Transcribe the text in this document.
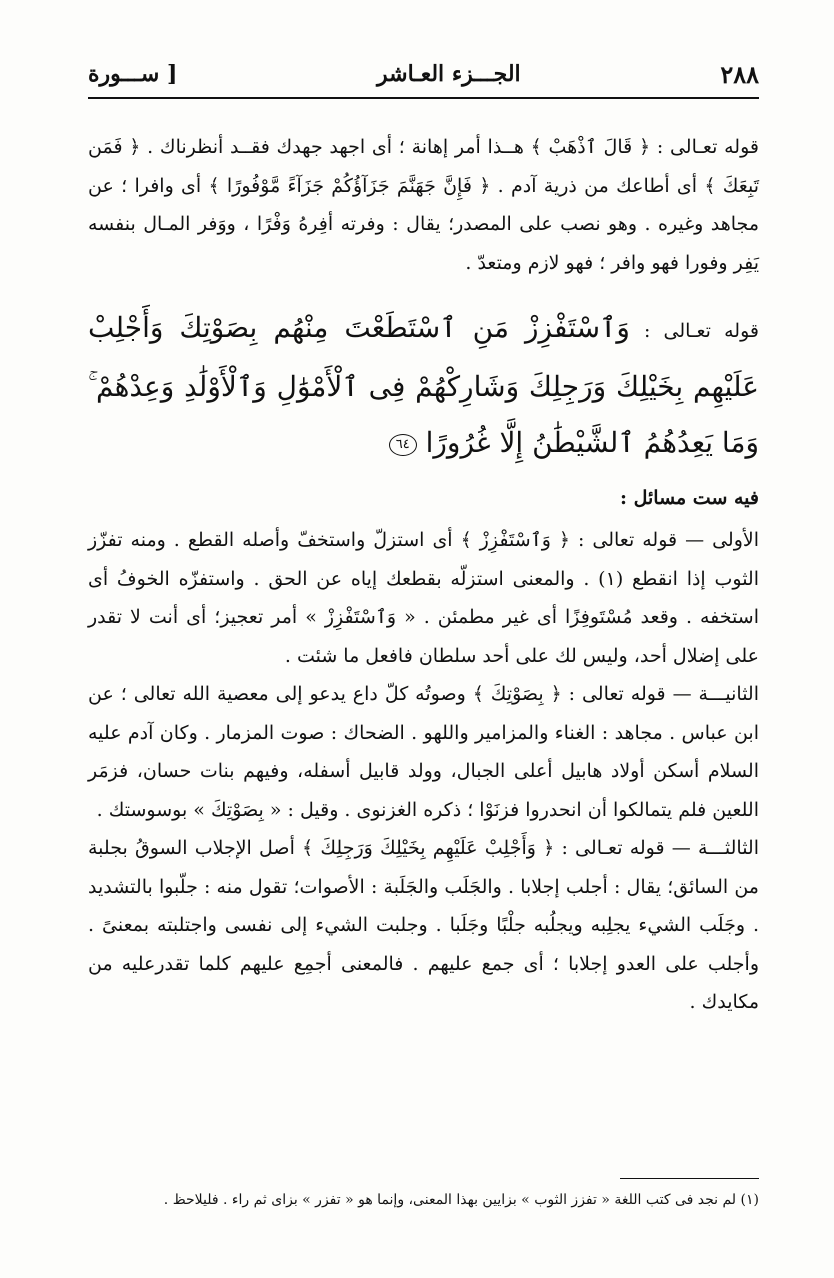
٢٨٨
الجـــزء العـاشر
[ ســـورة

قوله تعـالى : ﴿ قَالَ ٱذْهَبْ ﴾ هــذا أمر إهانة ؛ أى اجهد جهدك فقــد أنظرناك . ﴿ فَمَن تَبِعَكَ ﴾ أى أطاعك من ذرية آدم . ﴿ فَإِنَّ جَهَنَّمَ جَزَآؤُكُمْ جَزَآءً مَّوْفُورًا ﴾ أى وافرا ؛ عن مجاهد وغيره . وهو نصب على المصدر؛ يقال : وفرته أفِرهُ وَفْرًا ، ووَفر المـال بنفسه يَفِر وفورا فهو وافر ؛ فهو لازم ومتعدّ .

قوله تعـالى :وَٱسْتَفْزِزْ مَنِ ٱسْتَطَعْتَ مِنْهُم بِصَوْتِكَ وَأَجْلِبْ عَلَيْهِم بِخَيْلِكَ وَرَجِلِكَ وَشَارِكْهُمْ فِى ٱلْأَمْوَٰلِ وَٱلْأَوْلَٰدِ وَعِدْهُمْ ۚ وَمَا يَعِدُهُمُ ٱلشَّيْطَٰنُ إِلَّا غُرُورًا ٦٤

فيه ست مسائل :

الأولى — قوله تعالى : ﴿ وَٱسْتَفْزِزْ ﴾ أى استزلّ واستخفّ وأصله القطع . ومنه تفزّز الثوب إذا انقطع (١) . والمعنى استزلّه بقطعك إياه عن الحق . واستفزّه الخوفُ أى استخفه . وقعد مُسْتَوفِزًا أى غير مطمئن . « وَٱسْتَفْزِزْ » أمر تعجيز؛ أى أنت لا تقدر على إضلال أحد، وليس لك على أحد سلطان فافعل ما شئت .

الثانيـــة — قوله تعالى : ﴿ بِصَوْتِكَ ﴾ وصوتُه كلّ داع يدعو إلى معصية الله تعالى ؛ عن ابن عباس . مجاهد : الغناء والمزامير واللهو . الضحاك : صوت المزمار . وكان آدم عليه السلام أسكن أولاد هابيل أعلى الجبال، وولد قابيل أسفله، وفيهم بنات حسان، فزمَر اللعين فلم يتمالكوا أن انحدروا فزنَوْا ؛ ذكره الغزنوى . وقيل : « بِصَوْتِكَ » بوسوستك .

الثالثـــة — قوله تعـالى : ﴿ وَأَجْلِبْ عَلَيْهِم بِخَيْلِكَ وَرَجِلِكَ ﴾ أصل الإجلاب السوقُ بجلبة من السائق؛ يقال : أجلب إجلابا . والجَلَب والجَلَبة : الأصوات؛ تقول منه : جلّبوا بالتشديد . وجَلَب الشيء يجلِبه ويجلُبه جلْبًا وجَلَبا . وجلبت الشيء إلى نفسى واجتلبته بمعنىً . وأجلب على العدو إجلابا ؛ أى جمع عليهم . فالمعنى أجمِع عليهم كلما تقدرعليه من مكايدك .

(١) لم نجد فى كتب اللغة « تفزز الثوب » بزايين بهذا المعنى، وإنما هو « تفزر » بزاى ثم راء . فليلاحظ .
